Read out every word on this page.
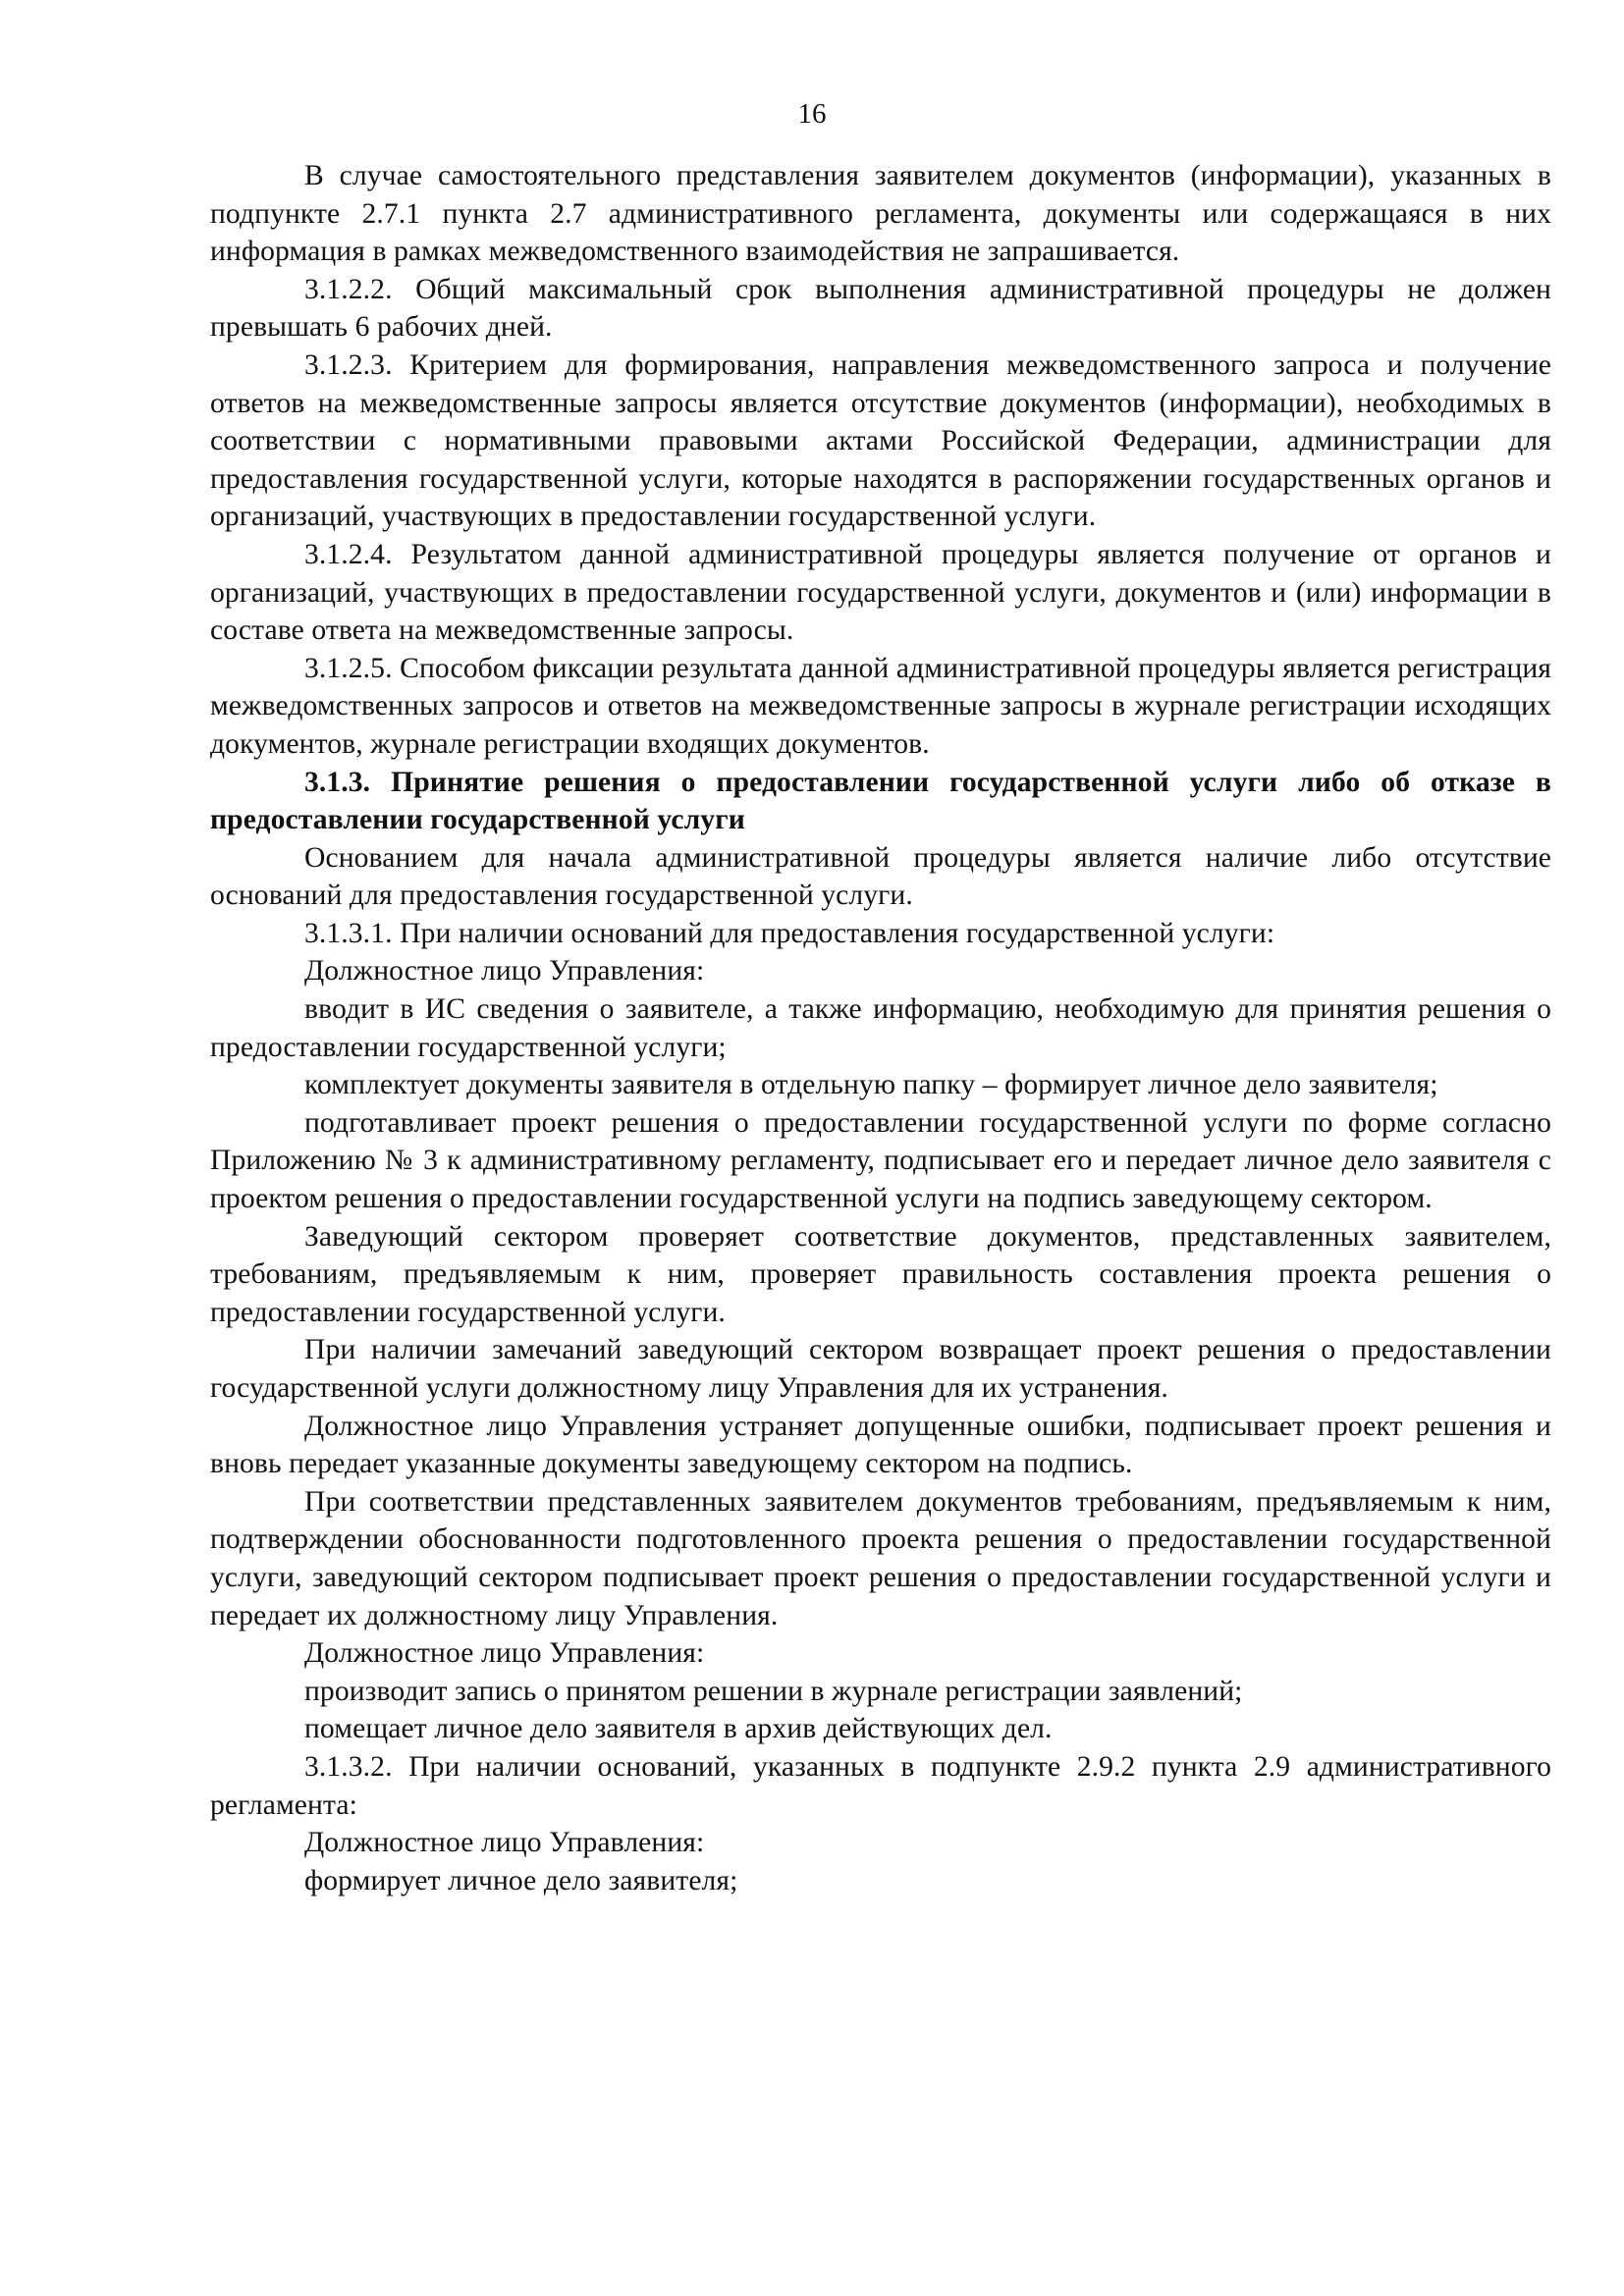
16

В случае самостоятельного представления заявителем документов (информации), указанных в подпункте 2.7.1 пункта 2.7 административного регламента, документы или содержащаяся в них информация в рамках межведомственного взаимодействия не запрашивается.

3.1.2.2. Общий максимальный срок выполнения административной процедуры не должен превышать 6 рабочих дней.

3.1.2.3. Критерием для формирования, направления межведомственного запроса и получение ответов на межведомственные запросы является отсутствие документов (информации), необходимых в соответствии с нормативными правовыми актами Российской Федерации, администрации для предоставления государственной услуги, которые находятся в распоряжении государственных органов и организаций, участвующих в предоставлении государственной услуги.

3.1.2.4. Результатом данной административной процедуры является получение от органов и организаций, участвующих в предоставлении государственной услуги, документов и (или) информации в составе ответа на межведомственные запросы.

3.1.2.5. Способом фиксации результата данной административной процедуры является регистрация межведомственных запросов и ответов на межведомственные запросы в журнале регистрации исходящих документов, журнале регистрации входящих документов.

3.1.3. Принятие решения о предоставлении государственной услуги либо об отказе в предоставлении государственной услуги

Основанием для начала административной процедуры является наличие либо отсутствие оснований для предоставления государственной услуги.

3.1.3.1. При наличии оснований для предоставления государственной услуги:

Должностное лицо Управления:

вводит в ИС сведения о заявителе, а также информацию, необходимую для принятия решения о предоставлении государственной услуги;

комплектует документы заявителя в отдельную папку – формирует личное дело заявителя;

подготавливает проект решения о предоставлении государственной услуги по форме согласно Приложению № 3 к административному регламенту, подписывает его и передает личное дело заявителя с проектом решения о предоставлении государственной услуги на подпись заведующему сектором.

Заведующий сектором проверяет соответствие документов, представленных заявителем, требованиям, предъявляемым к ним, проверяет правильность составления проекта решения о предоставлении государственной услуги.

При наличии замечаний заведующий сектором возвращает проект решения о предоставлении государственной услуги должностному лицу Управления для их устранения.

Должностное лицо Управления устраняет допущенные ошибки, подписывает проект решения и вновь передает указанные документы заведующему сектором на подпись.

При соответствии представленных заявителем документов требованиям, предъявляемым к ним, подтверждении обоснованности подготовленного проекта решения о предоставлении государственной услуги, заведующий сектором подписывает проект решения о предоставлении государственной услуги и передает их должностному лицу Управления.

Должностное лицо Управления:

производит запись о принятом решении в журнале регистрации заявлений;

помещает личное дело заявителя в архив действующих дел.

3.1.3.2. При наличии оснований, указанных в подпункте 2.9.2 пункта 2.9 административного регламента:

Должностное лицо Управления:

формирует личное дело заявителя;
